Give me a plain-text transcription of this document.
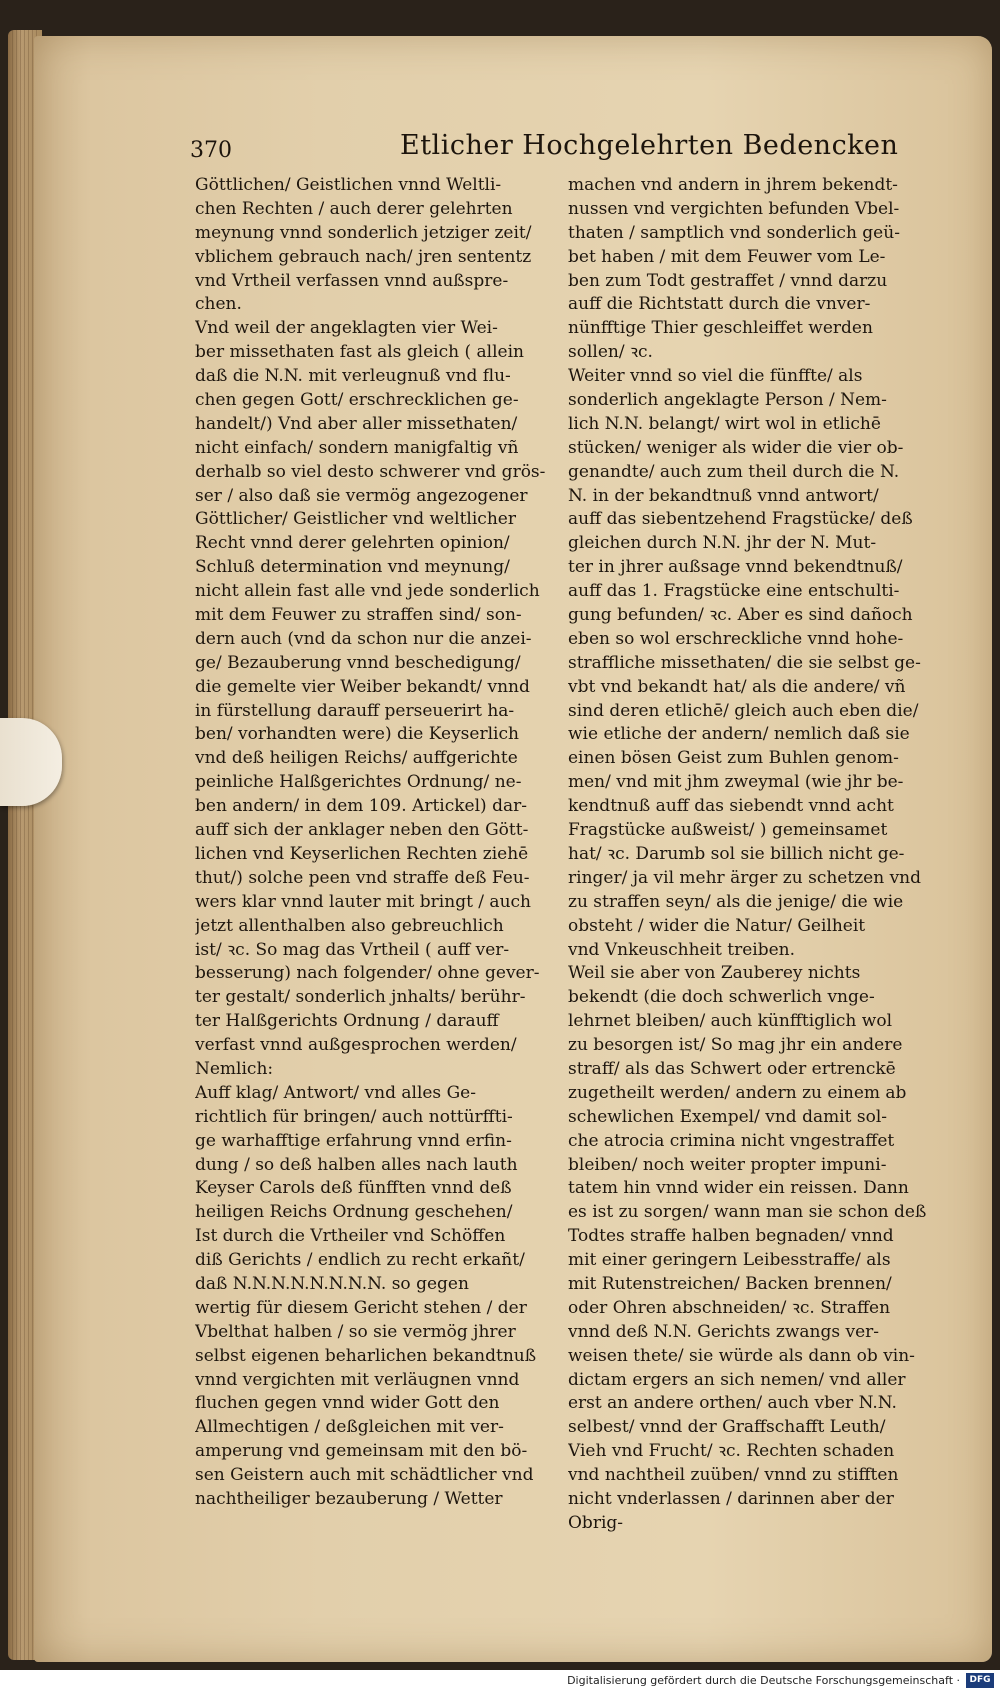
370	Etlicher Hochgelehrten Bedencken
Göttlichen/ Geistlichen vnnd Weltli-
chen Rechten / auch derer gelehrten
meynung vnnd sonderlich jetziger zeit/
vblichem gebrauch nach/ jren sententz
vnd Vrtheil verfassen vnnd außspre-
chen.
Vnd weil der angeklagten vier Wei-
ber missethaten fast als gleich ( allein
daß die N.N. mit verleugnuß vnd flu-
chen gegen Gott/ erschrecklichen ge-
handelt/) Vnd aber aller missethaten/
nicht einfach/ sondern manigfaltig vñ
derhalb so viel desto schwerer vnd grös-
ser / also daß sie vermög angezogener
Göttlicher/ Geistlicher vnd weltlicher
Recht vnnd derer gelehrten opinion/
Schluß determination vnd meynung/
nicht allein fast alle vnd jede sonderlich
mit dem Feuwer zu straffen sind/ son-
dern auch (vnd da schon nur die anzei-
ge/ Bezauberung vnnd beschedigung/
die gemelte vier Weiber bekandt/ vnnd
in fürstellung darauff perseuerirt ha-
ben/ vorhandten were) die Keyserlich
vnd deß heiligen Reichs/ auffgerichte
peinliche Halßgerichtes Ordnung/ ne-
ben andern/ in dem 109. Artickel) dar-
auff sich der anklager neben den Gött-
lichen vnd Keyserlichen Rechten ziehē
thut/) solche peen vnd straffe deß Feu-
wers klar vnnd lauter mit bringt / auch
jetzt allenthalben also gebreuchlich
ist/ ꝛc. So mag das Vrtheil ( auff ver-
besserung) nach folgender/ ohne gever-
ter gestalt/ sonderlich jnhalts/ berühr-
ter Halßgerichts Ordnung / darauff
verfast vnnd außgesprochen werden/
Nemlich:
Auff klag/ Antwort/ vnd alles Ge-
richtlich für bringen/ auch nottürffti-
ge warhafftige erfahrung vnnd erfin-
dung / so deß halben alles nach lauth
Keyser Carols deß fünfften vnnd deß
heiligen Reichs Ordnung geschehen/
Ist durch die Vrtheiler vnd Schöffen
diß Gerichts / endlich zu recht erkañt/
daß N.N.N.N.N.N.N.N. so gegen
wertig für diesem Gericht stehen / der
Vbelthat halben / so sie vermög jhrer
selbst eigenen beharlichen bekandtnuß
vnnd vergichten mit verläugnen vnnd
fluchen gegen vnnd wider Gott den
Allmechtigen / deßgleichen mit ver-
amperung vnd gemeinsam mit den bö-
sen Geistern auch mit schädtlicher vnd
nachtheiliger bezauberung / Wetter
machen vnd andern in jhrem bekendt-
nussen vnd vergichten befunden Vbel-
thaten / samptlich vnd sonderlich geü-
bet haben / mit dem Feuwer vom Le-
ben zum Todt gestraffet / vnnd darzu
auff die Richtstatt durch die vnver-
nünfftige Thier geschleiffet werden
sollen/ ꝛc.
Weiter vnnd so viel die fünffte/ als
sonderlich angeklagte Person / Nem-
lich N.N. belangt/ wirt wol in etlichē
stücken/ weniger als wider die vier ob-
genandte/ auch zum theil durch die N.
N. in der bekandtnuß vnnd antwort/
auff das siebentzehend Fragstücke/ deß
gleichen durch N.N. jhr der N. Mut-
ter in jhrer außsage vnnd bekendtnuß/
auff das 1. Fragstücke eine entschulti-
gung befunden/ ꝛc. Aber es sind dañoch
eben so wol erschreckliche vnnd hohe-
straffliche missethaten/ die sie selbst ge-
vbt vnd bekandt hat/ als die andere/ vñ
sind deren etlichē/ gleich auch eben die/
wie etliche der andern/ nemlich daß sie
einen bösen Geist zum Buhlen genom-
men/ vnd mit jhm zweymal (wie jhr be-
kendtnuß auff das siebendt vnnd acht
Fragstücke außweist/ ) gemeinsamet
hat/ ꝛc. Darumb sol sie billich nicht ge-
ringer/ ja vil mehr ärger zu schetzen vnd
zu straffen seyn/ als die jenige/ die wie
obsteht / wider die Natur/ Geilheit
vnd Vnkeuschheit treiben.
Weil sie aber von Zauberey nichts
bekendt (die doch schwerlich vnge-
lehrnet bleiben/ auch künfftiglich wol
zu besorgen ist/ So mag jhr ein andere
straff/ als das Schwert oder ertrenckē
zugetheilt werden/ andern zu einem ab
schewlichen Exempel/ vnd damit sol-
che atrocia crimina nicht vngestraffet
bleiben/ noch weiter propter impuni-
tatem hin vnnd wider ein reissen. Dann
es ist zu sorgen/ wann man sie schon deß
Todtes straffe halben begnaden/ vnnd
mit einer geringern Leibesstraffe/ als
mit Rutenstreichen/ Backen brennen/
oder Ohren abschneiden/ ꝛc. Straffen
vnnd deß N.N. Gerichts zwangs ver-
weisen thete/ sie würde als dann ob vin-
dictam ergers an sich nemen/ vnd aller
erst an andere orthen/ auch vber N.N.
selbest/ vnnd der Graffschafft Leuth/
Vieh vnd Frucht/ ꝛc. Rechten schaden
vnd nachtheil zuüben/ vnnd zu stifften
nicht vnderlassen / darinnen aber der
Obrig-
Digitalisierung gefördert durch die Deutsche Forschungsgemeinschaft ·	DFG
